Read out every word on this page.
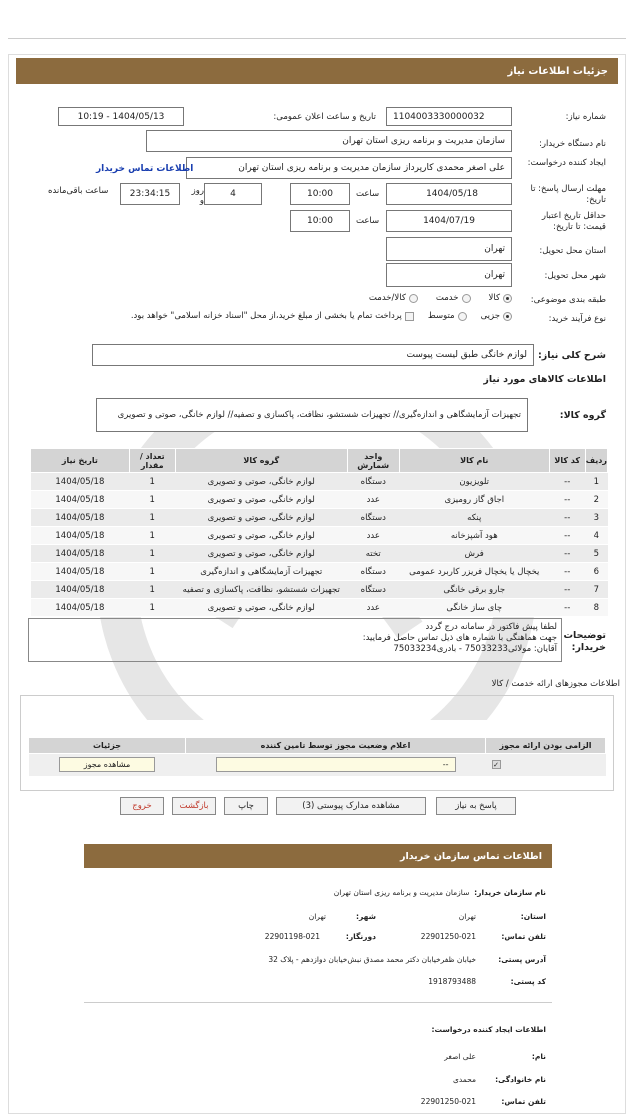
جزئیات اطلاعات نیاز
شماره نیاز:
1104003330000032
تاریخ و ساعت اعلان عمومی:
1404/05/13 - 10:19
نام دستگاه خریدار:
سازمان مدیریت و برنامه ریزی استان تهران
ایجاد کننده درخواست:
علی اصغر محمدی کارپرداز سازمان مدیریت و برنامه ریزی استان تهران
اطلاعات تماس خریدار
مهلت ارسال پاسخ: تا تاریخ:
1404/05/18
ساعت
10:00
4
روز و
23:34:15
ساعت باقی‌مانده
حداقل تاریخ اعتبار قیمت: تا تاریخ:
1404/07/19
ساعت
10:00
استان محل تحویل:
تهران
شهر محل تحویل:
تهران
طبقه بندی موضوعی:
کالا
خدمت
کالا/خدمت
نوع فرآیند خرید:
جزیی
متوسط
پرداخت تمام یا بخشی از مبلغ خرید،از محل "اسناد خزانه اسلامی" خواهد بود.
شرح کلی نیاز:
لوازم خانگی طبق لیست پیوست
اطلاعات کالاهای مورد نیاز
گروه کالا:
تجهیزات آزمایشگاهی و اندازه‌گیری// تجهیزات شستشو، نظافت، پاکسازی و تصفیه// لوازم خانگی، صوتی و تصویری
ردیف	کد کالا	نام کالا	واحد شمارش	گروه کالا	تعداد / مقدار	تاریخ نیاز
1	--	تلویزیون	دستگاه	لوازم خانگی، صوتی و تصویری	1	1404/05/18
2	--	اجاق گاز رومیزی	عدد	لوازم خانگی، صوتی و تصویری	1	1404/05/18
3	--	پنکه	دستگاه	لوازم خانگی، صوتی و تصویری	1	1404/05/18
4	--	هود آشپزخانه	عدد	لوازم خانگی، صوتی و تصویری	1	1404/05/18
5	--	فرش	تخته	لوازم خانگی، صوتی و تصویری	1	1404/05/18
6	--	یخچال یا یخچال فریزر کاربرد عمومی	دستگاه	تجهیزات آزمایشگاهی و اندازه‌گیری	1	1404/05/18
7	--	جارو برقی خانگی	دستگاه	تجهیزات شستشو، نظافت، پاکسازی و تصفیه	1	1404/05/18
8	--	چای ساز خانگی	عدد	لوازم خانگی، صوتی و تصویری	1	1404/05/18
لطفا پیش فاکتور در سامانه درج گردد
جهت هماهنگی با شماره های ذیل تماس حاصل فرمایید:
آقایان: مولائی75033233 - بادری75033234
توضیحات خریدار:
اطلاعات مجوزهای ارائه خدمت / کالا
الزامی بودن ارائه مجوز	اعلام وضعیت مجوز توسط تامین کننده	جزئیات
✓	--	مشاهده مجوز
پاسخ به نیاز
مشاهده مدارک پیوستی (3)
چاپ
بازگشت
خروج
اطلاعات تماس سازمان خریدار
نام سازمان خریدار:

سازمان مدیریت و برنامه ریزی استان تهران
استان:
تهران
شهر:
تهران
تلفن تماس:
22901250-021
دورنگار:
22901198-021
آدرس پستی:
خیابان ظفرخیابان دکتر محمد مصدق نبش‌خیابان دوازدهم - پلاک 32
کد پستی:
1918793488
اطلاعات ایجاد کننده درخواست:
نام:
علی اصغر
نام خانوادگی:
محمدی
تلفن تماس:
22901250-021
